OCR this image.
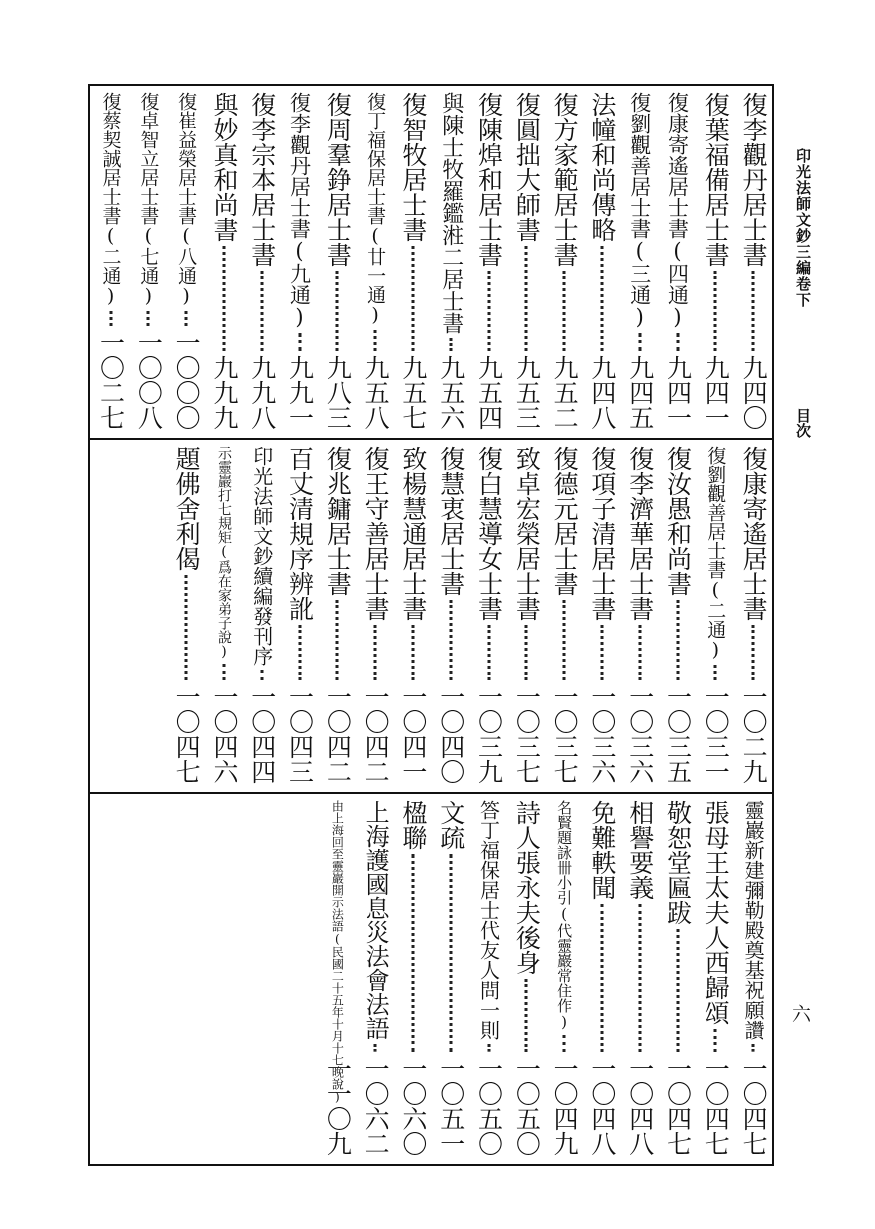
印光法師文鈔三編卷下
目次
六
復李觀丹居士書
九四〇
復葉福備居士書
九四一
復康寄遙居士書(四通)
九四一
復劉觀善居士書(三通)
九四五
法幢和尚傳略
九四八
復方家範居士書
九五二
復圓拙大師書
九五三
復陳㷆和居士書
九五四
與陳士牧羅鑑㴤二居士書
九五六
復智牧居士書
九五七
復丁福保居士書(廿一通)
九五八
復周羣錚居士書
九八三
復李觀丹居士書(九通)
九九一
復李宗本居士書
九九八
與妙真和尚書
九九九
復崔益榮居士書(八通)
一〇〇〇
復卓智立居士書(七通)
一〇〇八
復蔡契誠居士書(二通)
一〇二七
復康寄遙居士書
一〇二九
復劉觀善居士書(二通)
一〇三一
復汝愚和尚書
一〇三五
復李濟華居士書
一〇三六
復項子清居士書
一〇三六
復德元居士書
一〇三七
致卓宏榮居士書
一〇三七
復白慧導女士書
一〇三九
復慧衷居士書
一〇四〇
致楊慧通居士書
一〇四一
復王守善居士書
一〇四二
復兆鏞居士書
一〇四二
百丈清規序辨訛
一〇四三
印光法師文鈔續編發刊序
一〇四四
示靈巖打七規矩(爲在家弟子說)
一〇四六
題佛舍利偈
一〇四七
靈巖新建彌勒殿奠基祝願讚
一〇四七
張母王太夫人西歸頌
一〇四七
敬恕堂匾跋
一〇四七
相譽要義
一〇四八
免難軼聞
一〇四八
名賢題詠卌小引(代靈巖常住作)
一〇四九
詩人張永夫後身
一〇五〇
答丁福保居士代友人問一則
一〇五〇
文疏
一〇五一
楹聯
一〇六〇
上海護國息災法會法語
一〇六二
由上海回至靈巖開示法語(民國二十五年十月十七晚說)
一一〇九
